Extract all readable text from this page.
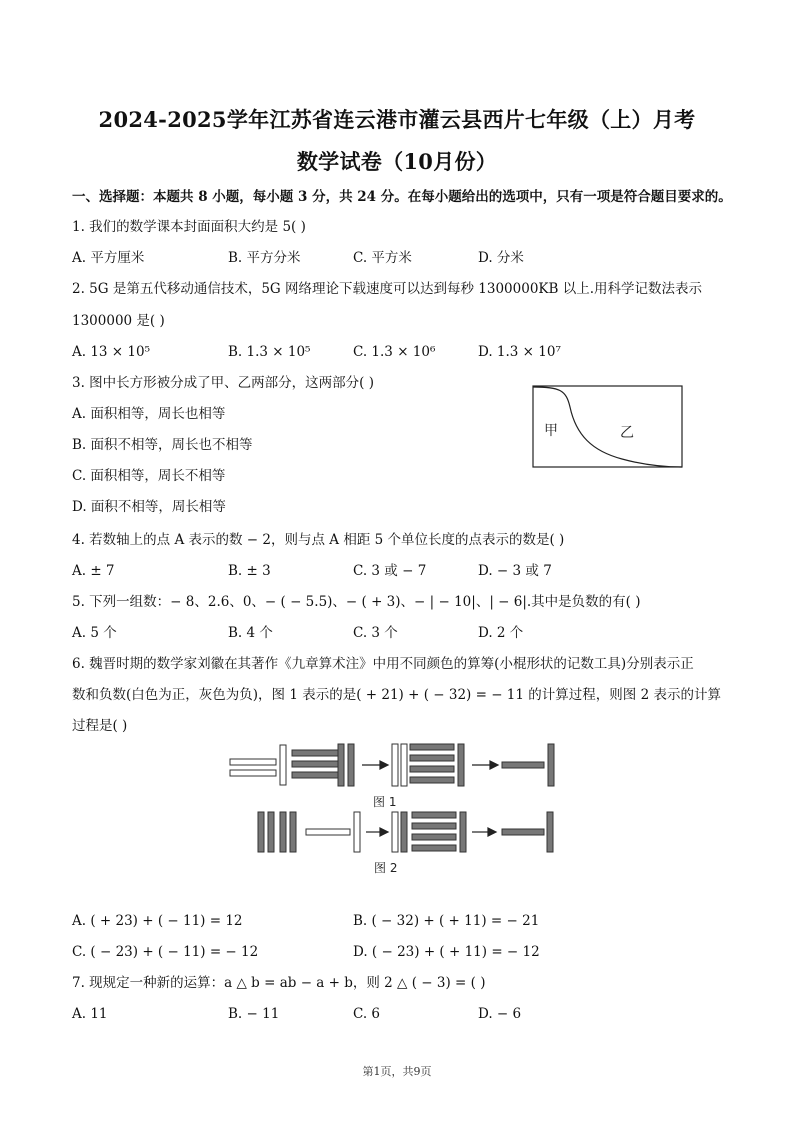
2024-2025学年江苏省连云港市灌云县西片七年级（上）月考
数学试卷（10月份）
一、选择题：本题共 8 小题，每小题 3 分，共 24 分。在每小题给出的选项中，只有一项是符合题目要求的。
1. 我们的数学课本封面面积大约是 5( )
A. 平方厘米	B. 平方分米	C. 平方米	D. 分米
2. 5G 是第五代移动通信技术，5G 网络理论下载速度可以达到每秒 1300000KB 以上.用科学记数法表示
1300000 是( )
A. 13 × 10⁵	B. 1.3 × 10⁵	C. 1.3 × 10⁶	D. 1.3 × 10⁷
3. 图中长方形被分成了甲、乙两部分，这两部分( )
A. 面积相等，周长也相等
B. 面积不相等，周长也不相等
C. 面积相等，周长不相等
D. 面积不相等，周长相等
甲	乙
4. 若数轴上的点 A 表示的数 − 2，则与点 A 相距 5 个单位长度的点表示的数是( )
A. ± 7	B. ± 3	C. 3 或 − 7	D. − 3 或 7
5. 下列一组数：− 8、2.6、0、− ( − 5.5)、− ( + 3)、− | − 10|、| − 6|.其中是负数的有( )
A. 5 个	B. 4 个	C. 3 个	D. 2 个
6. 魏晋时期的数学家刘徽在其著作《九章算术注》中用不同颜色的算筹(小棍形状的记数工具)分别表示正
数和负数(白色为正，灰色为负)，图 1 表示的是( + 21) + ( − 32) = − 11 的计算过程，则图 2 表示的计算
过程是( )
图 1
图 2
A. ( + 23) + ( − 11) = 12	B. ( − 32) + ( + 11) = − 21
C. ( − 23) + ( − 11) = − 12	D. ( − 23) + ( + 11) = − 12
7. 现规定一种新的运算：a △ b = ab − a + b，则 2 △ ( − 3) = ( )
A. 11	B. − 11	C. 6	D. − 6
第1页，共9页
